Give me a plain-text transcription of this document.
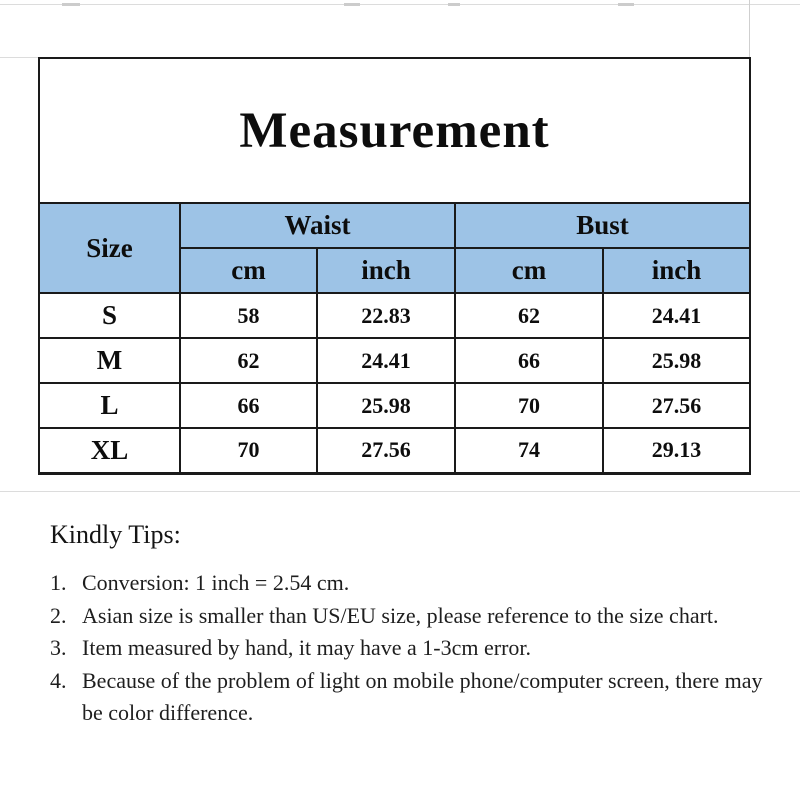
Measurement				
Size	Waist		Bust	
	cm	inch	cm	inch
S	58	22.83	62	24.41
M	62	24.41	66	25.98
L	66	25.98	70	27.56
XL	70	27.56	74	29.13
Kindly Tips:
1. Conversion: 1 inch = 2.54 cm.
2. Asian size is smaller than US/EU size, please reference to the size chart.
3. Item measured by hand, it may have a 1-3cm error.
4. Because of the problem of light on mobile phone/computer screen, there may be color difference.
